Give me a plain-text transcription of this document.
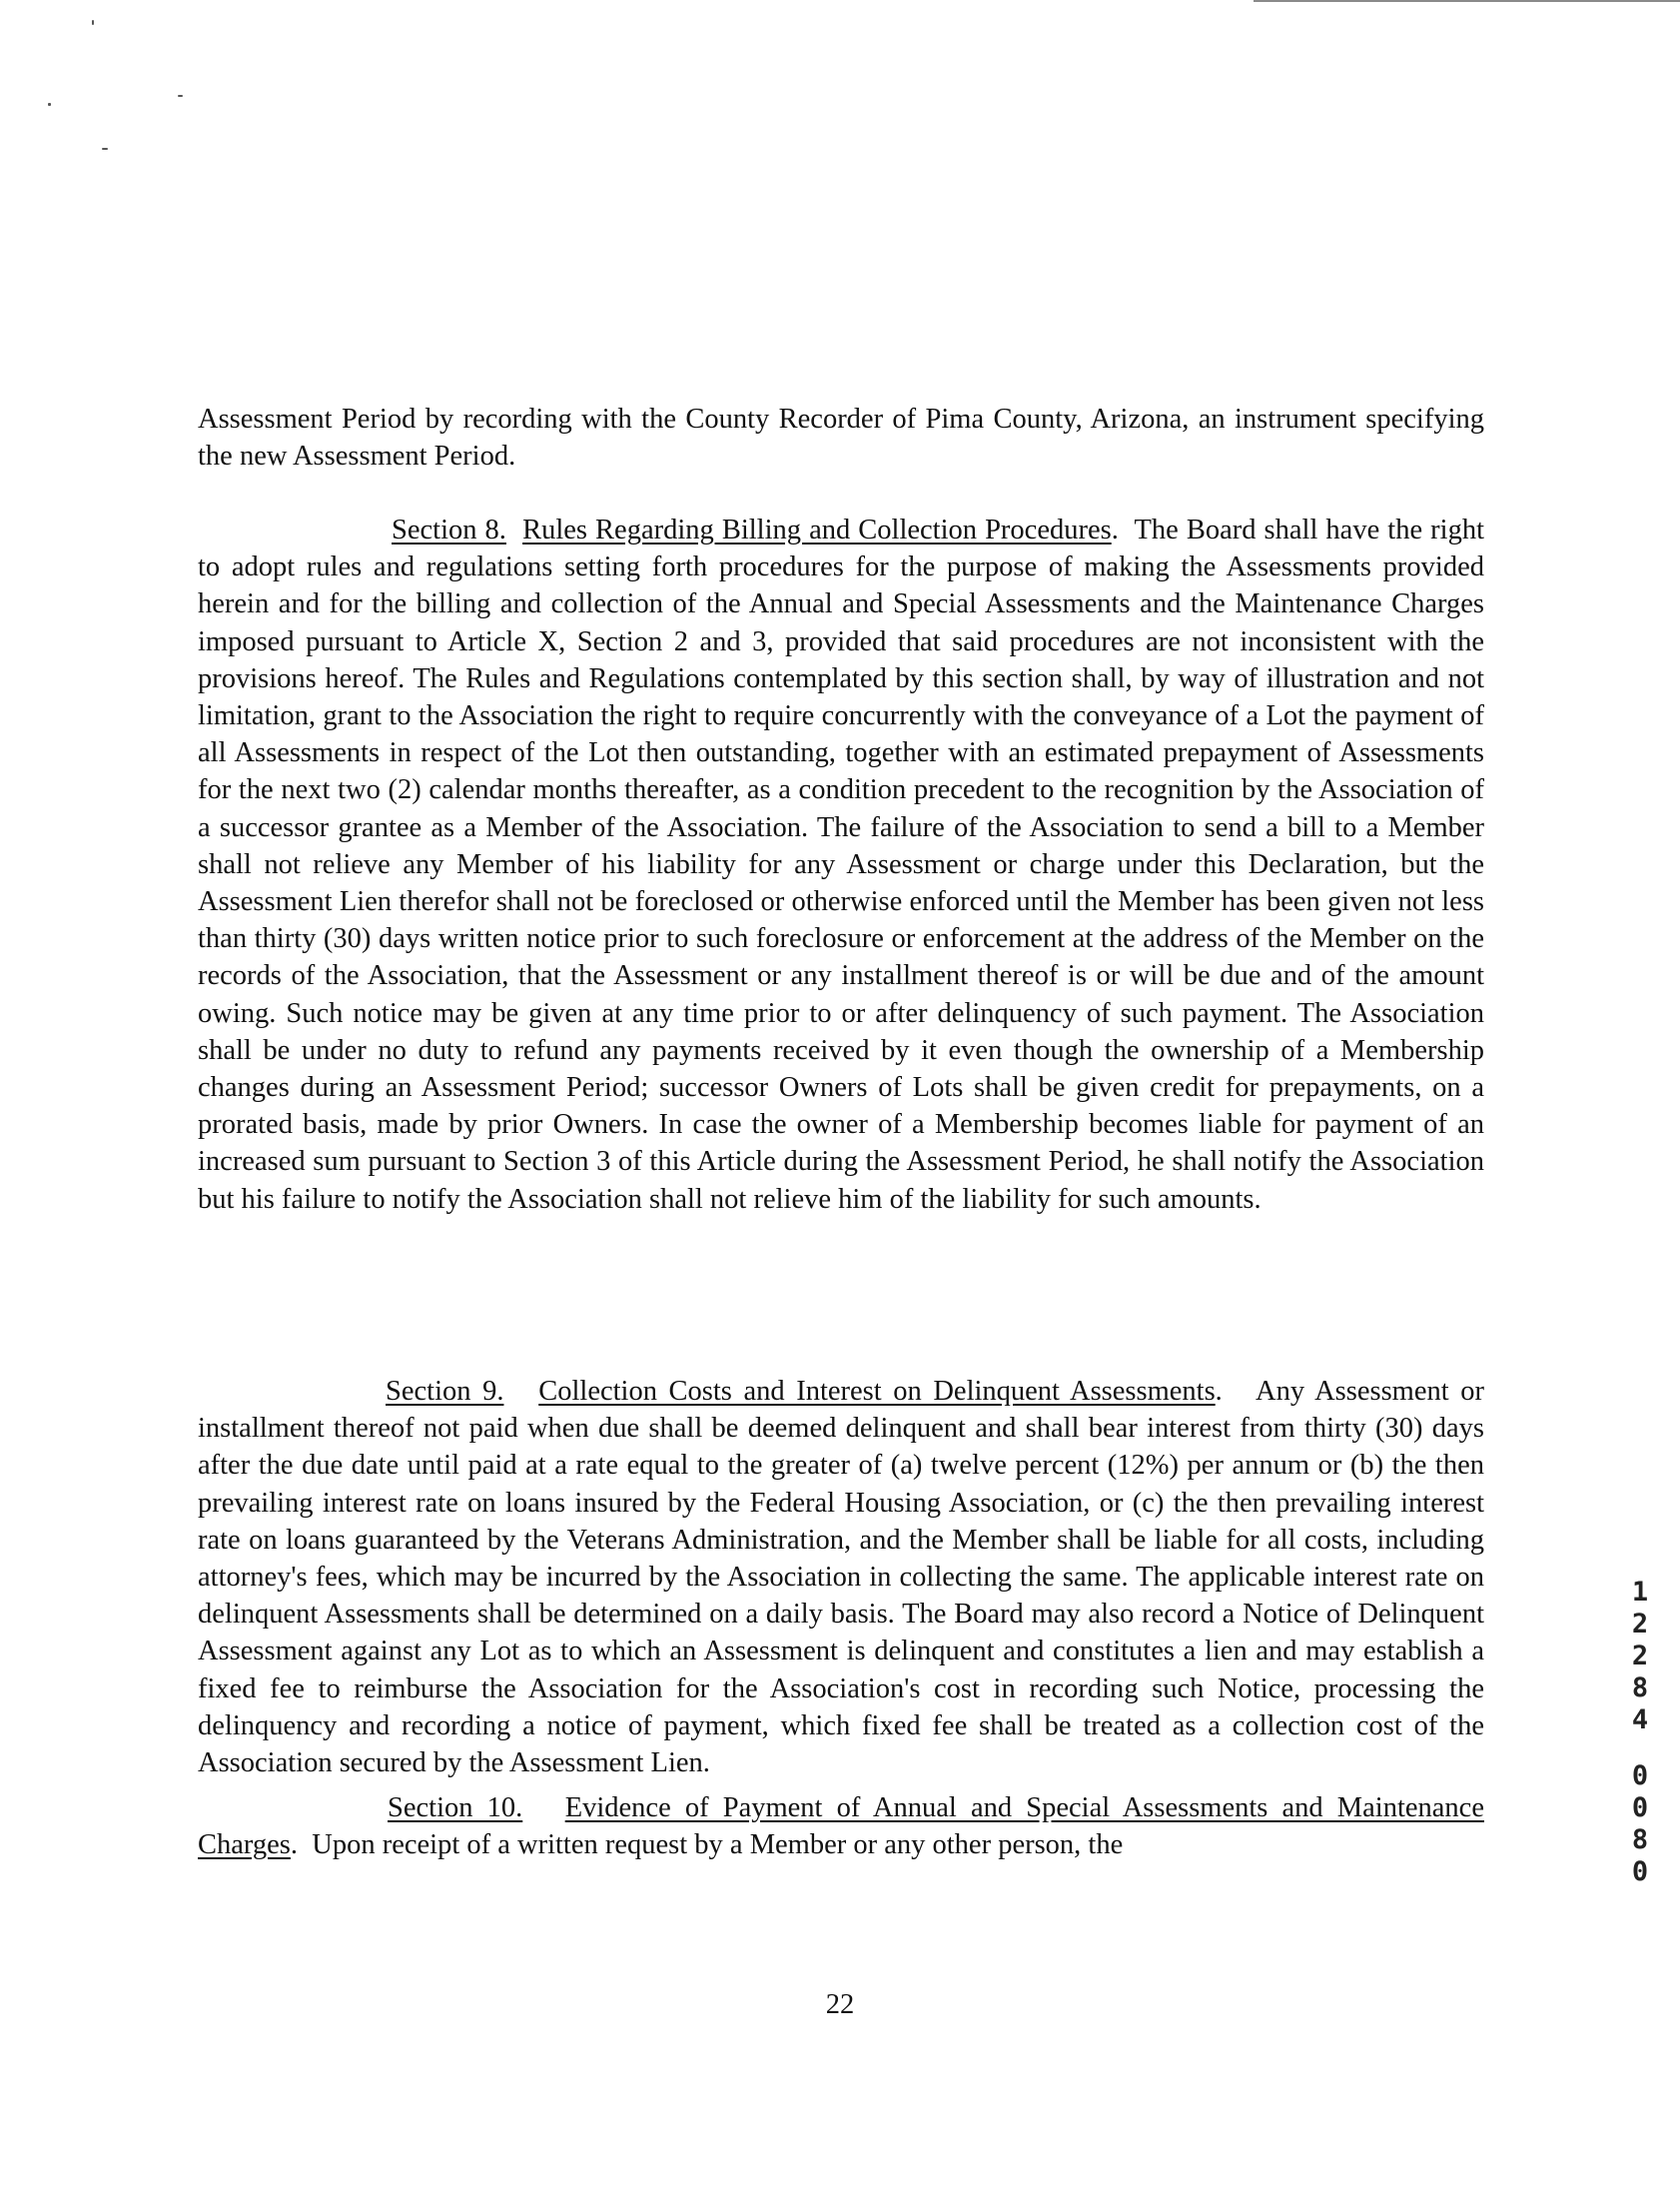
Assessment Period by recording with the County Recorder of Pima County, Arizona, an instrument specifying the new Assessment Period.

Section 8. Rules Regarding Billing and Collection Procedures. The Board shall have the right to adopt rules and regulations setting forth procedures for the purpose of making the Assessments provided herein and for the billing and collection of the Annual and Special Assessments and the Maintenance Charges imposed pursuant to Article X, Section 2 and 3, provided that said procedures are not inconsistent with the provisions hereof. The Rules and Regulations contemplated by this section shall, by way of illustration and not limitation, grant to the Association the right to require concurrently with the conveyance of a Lot the payment of all Assessments in respect of the Lot then outstanding, together with an estimated prepayment of Assessments for the next two (2) calendar months thereafter, as a condition precedent to the recognition by the Association of a successor grantee as a Member of the Association. The failure of the Association to send a bill to a Member shall not relieve any Member of his liability for any Assessment or charge under this Declaration, but the Assessment Lien therefor shall not be foreclosed or otherwise enforced until the Member has been given not less than thirty (30) days written notice prior to such foreclosure or enforcement at the address of the Member on the records of the Association, that the Assessment or any installment thereof is or will be due and of the amount owing. Such notice may be given at any time prior to or after delinquency of such payment. The Association shall be under no duty to refund any payments received by it even though the ownership of a Membership changes during an Assessment Period; successor Owners of Lots shall be given credit for prepayments, on a prorated basis, made by prior Owners. In case the owner of a Membership becomes liable for payment of an increased sum pursuant to Section 3 of this Article during the Assessment Period, he shall notify the Association but his failure to notify the Association shall not relieve him of the liability for such amounts.

Section 9. Collection Costs and Interest on Delinquent Assessments. Any Assessment or installment thereof not paid when due shall be deemed delinquent and shall bear interest from thirty (30) days after the due date until paid at a rate equal to the greater of (a) twelve percent (12%) per annum or (b) the then prevailing interest rate on loans insured by the Federal Housing Association, or (c) the then prevailing interest rate on loans guaranteed by the Veterans Administration, and the Member shall be liable for all costs, including attorney's fees, which may be incurred by the Association in collecting the same. The applicable interest rate on delinquent Assessments shall be determined on a daily basis. The Board may also record a Notice of Delinquent Assessment against any Lot as to which an Assessment is delinquent and constitutes a lien and may establish a fixed fee to reimburse the Association for the Association's cost in recording such Notice, processing the delinquency and recording a notice of payment, which fixed fee shall be treated as a collection cost of the Association secured by the Assessment Lien.

Section 10. Evidence of Payment of Annual and Special Assessments and Maintenance Charges. Upon receipt of a written request by a Member or any other person, the

22

1
2
2
8
4
0
0
8
0
